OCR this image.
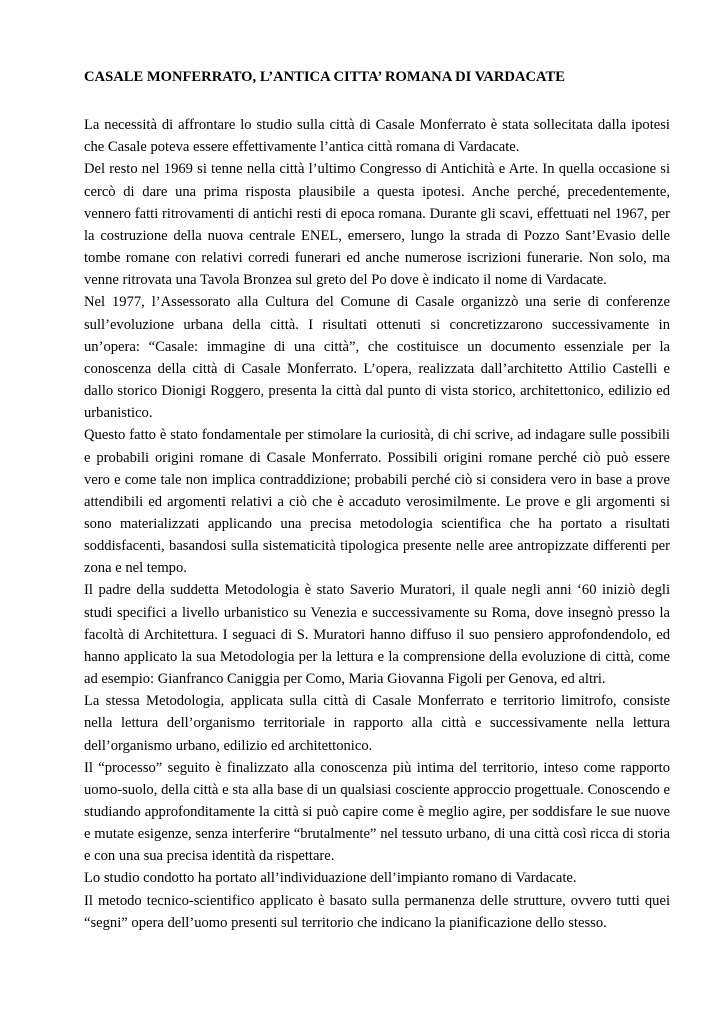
CASALE MONFERRATO, L’ANTICA CITTA’ ROMANA DI VARDACATE

La necessità di affrontare lo studio sulla città di Casale Monferrato è stata sollecitata dalla ipotesi che Casale poteva essere effettivamente l’antica città romana di Vardacate.

Del resto nel 1969 si tenne nella città l’ultimo Congresso di Antichità e Arte. In quella occasione si cercò di dare una prima risposta plausibile a questa ipotesi. Anche perché, precedentemente, vennero fatti ritrovamenti di antichi resti di epoca romana. Durante gli scavi, effettuati nel 1967, per la costruzione della nuova centrale ENEL, emersero, lungo la strada di Pozzo Sant’Evasio delle tombe romane con relativi corredi funerari ed anche numerose iscrizioni funerarie. Non solo, ma venne ritrovata una Tavola Bronzea sul greto del Po dove è indicato il nome di Vardacate.

Nel 1977, l’Assessorato alla Cultura del Comune di Casale organizzò una serie di conferenze sull’evoluzione urbana della città. I risultati ottenuti si concretizzarono successivamente in un’opera: “Casale: immagine di una città”, che costituisce un documento essenziale per la conoscenza della città di Casale Monferrato. L’opera, realizzata dall’architetto Attilio Castelli e dallo storico Dionigi Roggero, presenta la città dal punto di vista storico, architettonico, edilizio ed urbanistico.

Questo fatto è stato fondamentale per stimolare la curiosità, di chi scrive, ad indagare sulle possibili e probabili origini romane di Casale Monferrato. Possibili origini romane perché ciò può essere vero e come tale non implica contraddizione; probabili perché ciò si considera vero in base a prove attendibili ed argomenti relativi a ciò che è accaduto verosimilmente. Le prove e gli argomenti si sono materializzati applicando una precisa metodologia scientifica che ha portato a risultati soddisfacenti, basandosi sulla sistematicità tipologica presente nelle aree antropizzate differenti per zona e nel tempo.

Il padre della suddetta Metodologia è stato Saverio Muratori, il quale negli anni ‘60 iniziò degli studi specifici a livello urbanistico su Venezia e successivamente su Roma, dove insegnò presso la facoltà di Architettura. I seguaci di S. Muratori hanno diffuso il suo pensiero approfondendolo, ed hanno applicato la sua Metodologia per la lettura e la comprensione della evoluzione di città, come ad esempio: Gianfranco Caniggia per Como, Maria Giovanna Figoli per Genova, ed altri.

La stessa Metodologia, applicata sulla città di Casale Monferrato e territorio limitrofo, consiste nella lettura dell’organismo territoriale in rapporto alla città e successivamente nella lettura dell’organismo urbano, edilizio ed architettonico.

Il “processo” seguito è finalizzato alla conoscenza più intima del territorio, inteso come rapporto uomo-suolo, della città e sta alla base di un qualsiasi cosciente approccio progettuale. Conoscendo e studiando approfonditamente la città si può capire come è meglio agire, per soddisfare le sue nuove e mutate esigenze, senza interferire “brutalmente” nel tessuto urbano, di una città così ricca di storia e con una sua precisa identità da rispettare.

Lo studio condotto ha portato all’individuazione dell’impianto romano di Vardacate.

Il metodo tecnico-scientifico applicato è basato sulla permanenza delle strutture, ovvero tutti quei “segni” opera dell’uomo presenti sul territorio che indicano la pianificazione dello stesso.
